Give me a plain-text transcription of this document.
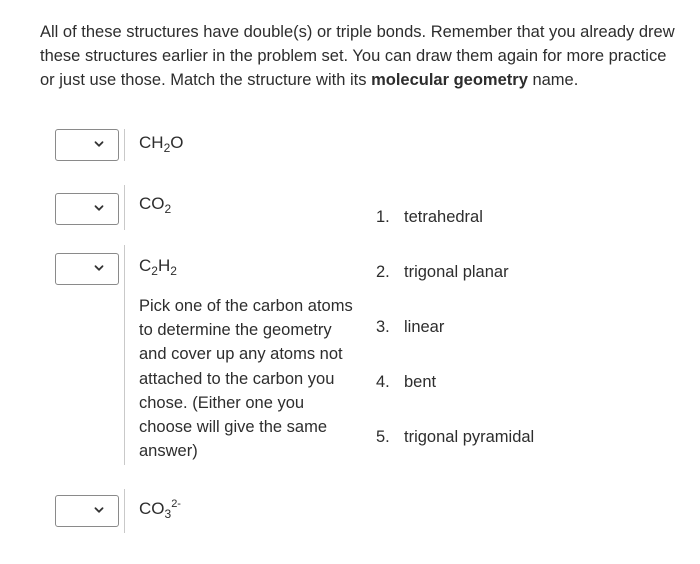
All of these structures have double(s) or triple bonds. Remember that you already drew these structures earlier in the problem set. You can draw them again for more practice or just use those. Match the structure with its molecular geometry name.
$CH_2O$
$CO_2$
$C_2H_2$
Pick one of the carbon atoms to determine the geometry and cover up any atoms not attached to the carbon you chose. (Either one you choose will give the same answer)
$CO_3^{2-}$
1. tetrahedral
2. trigonal planar
3. linear
4. bent
5. trigonal pyramidal
